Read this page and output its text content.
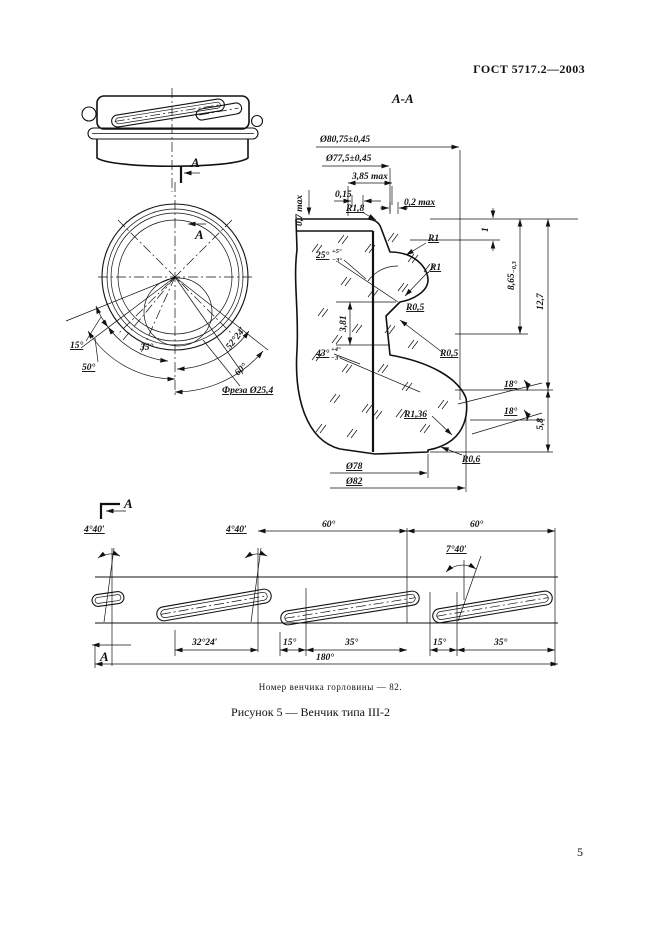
ГОСТ 5717.2—2003
15°
50°
35°	52°24′
60°
Фреза Ø25,4
А
А
А-А
Ø80,75±0,45
Ø77,5±0,45
3,85 max
0,15
R1,8
0,2 max
0,7 max
R1
R1
R0,5
R0,5
R1,36
R0,6
25° +5°
−3°
3,81
43° +4°
−3°
Ø78
Ø82
1
$8,65_{-0,3}$
12,7
5,8
18°
18°
60°	60°
4°40′	4°40′
7°40′
32°24′	15°	35°	15°	35°
180°
А
А
Номер венчика горловины — 82.
Рисунок 5 — Венчик типа III-2
5
